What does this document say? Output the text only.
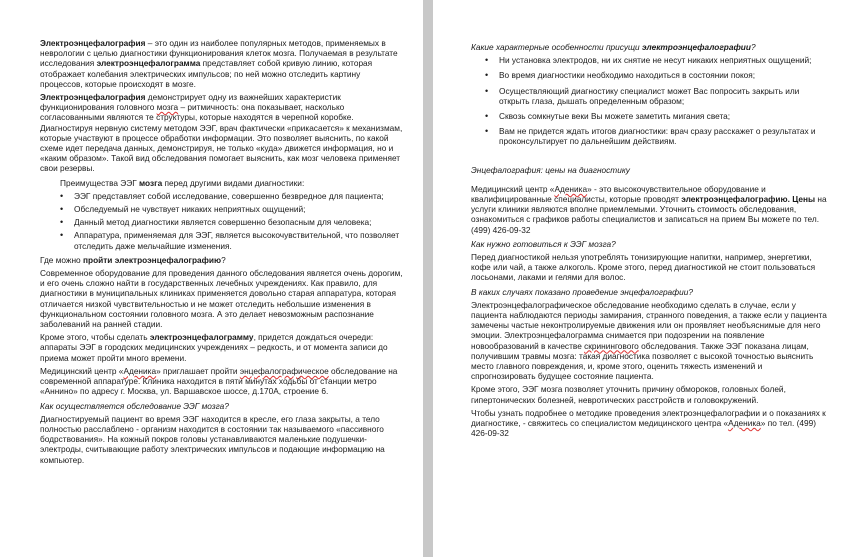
Электроэнцефалография – это один из наиболее популярных методов, применяемых в неврологии с целью диагностики функционирования клеток мозга. Получаемая в результате исследования электроэнцефалограмма представляет собой кривую линию, которая отображает колебания электрических импульсов; по ней можно отследить картину процессов, которые происходят в мозге.

Электроэнцефалография демонстрирует одну из важнейших характеристик функционирования головного мозга – ритмичность: она показывает, насколько согласованными являются те структуры, которые находятся в черепной коробке. Диагностируя нервную систему методом ЭЭГ, врач фактически «прикасается» к механизмам, которые участвуют в процессе обработки информации. Это позволяет выяснить, по какой схеме идет передача данных, демонстрируя, не только «куда» движется информация, но и «каким образом». Такой вид обследования помогает выяснить, как мозг человека применяет свои резервы.

Преимущества ЭЭГ мозга перед другими видами диагностики:

• ЭЭГ представляет собой исследование, совершенно безвредное для пациента;
• Обследуемый не чувствует никаких неприятных ощущений;
• Данный метод диагностики является совершенно безопасным для человека;
• Аппаратура, применяемая для ЭЭГ, является высокочувствительной, что позволяет отследить даже мельчайшие изменения.

Где можно пройти электроэнцефалографию?

Современное оборудование для проведения данного обследования является очень дорогим, и его очень сложно найти в государственных лечебных учреждениях. Как правило, для диагностики в муниципальных клиниках применяется довольно старая аппаратура, которая отличается низкой чувствительностью и не может отследить небольшие изменения в функциональном состоянии головного мозга. А это делает невозможным распознание заболеваний на ранней стадии.

Кроме этого, чтобы сделать электроэнцефалограмму, придется дождаться очереди: аппараты ЭЭГ в городских медицинских учреждениях – редкость, и от момента записи до приема может пройти много времени.

Медицинский центр «Аденика» приглашает пройти энцефалографическое обследование на современной аппаратуре. Клиника находится в пяти минутах ходьбы от станции метро «Аннино» по адресу г. Москва, ул. Варшавское шоссе, д.170А, строение 6.

Как осуществляется обследование ЭЭГ мозга?

Диагностируемый пациент во время ЭЭГ находится в кресле, его глаза закрыты, а тело полностью расслаблено - организм находится в состоянии так называемого «пассивного бодрствования». На кожный покров головы устанавливаются маленькие подушечки-электроды, считывающие работу электрических импульсов и подающие информацию на компьютер.

Какие характерные особенности присущи электроэнцефалографии?

• Ни установка электродов, ни их снятие не несут никаких неприятных ощущений;
• Во время диагностики необходимо находиться в состоянии покоя;
• Осуществляющий диагностику специалист может Вас попросить закрыть или открыть глаза, дышать определенным образом;
• Сквозь сомкнутые веки Вы можете заметить мигания света;
• Вам не придется ждать итогов диагностики: врач сразу расскажет о результатах и проконсультирует по дальнейшим действиям.

Энцефалография: цены на диагностику

Медицинский центр «Аденика» - это высокочувствительное оборудование и квалифицированные специалисты, которые проводят электроэнцефалографию. Цены на услуги клиники являются вполне приемлемыми. Уточнить стоимость обследования, ознакомиться с графиков работы специалистов и записаться на прием Вы можете по тел. (499) 426-09-32

Как нужно готовиться к ЭЭГ мозга?

Перед диагностикой нельзя употреблять тонизирующие напитки, например, энергетики, кофе или чай, а также алкоголь. Кроме этого, перед диагностикой не стоит пользоваться лосьонами, лаками и гелями для волос.

В каких случаях показано проведение энцефалографии?

Электроэнцефалографическое обследование необходимо сделать в случае, если у пациента наблюдаются периоды замирания, странного поведения, а также если у пациента замечены частые неконтролируемые движения или он проявляет необъяснимые для него эмоции. Электроэнцефалограмма снимается при подозрении на появление новообразований в качестве скринингового обследования. Также ЭЭГ показана лицам, получившим травмы мозга: такая диагностика позволяет с высокой точностью выяснить место главного повреждения, и, кроме этого, оценить тяжесть изменений и спрогнозировать будущее состояние пациента.

Кроме этого, ЭЭГ мозга позволяет уточнить причину обмороков, головных болей, гипертонических болезней, невротических расстройств и головокружений.

Чтобы узнать подробнее о методике проведения электроэнцефалографии и о показаниях к диагностике, - свяжитесь со специалистом медицинского центра «Аденика» по тел. (499) 426-09-32
